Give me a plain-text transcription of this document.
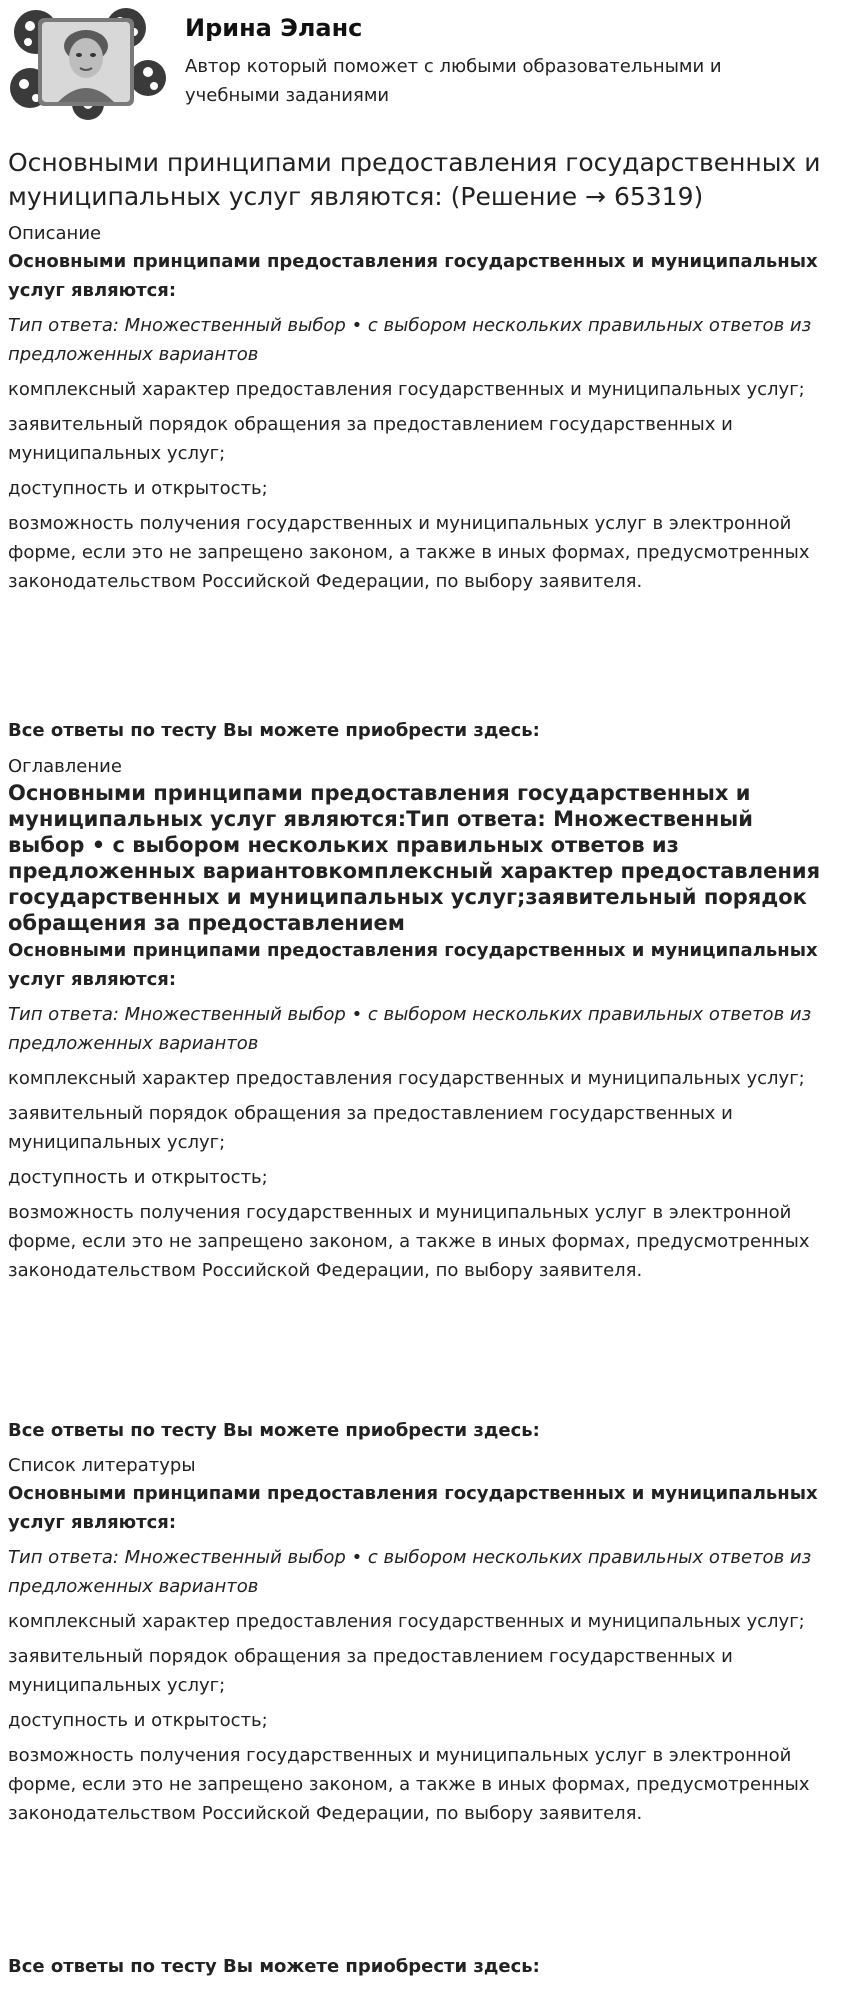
Ирина Эланс

Автор который поможет с любыми образовательными и учебными заданиями

Основными принципами предоставления государственных и муниципальных услуг являются: (Решение → 65319)

Описание

Основными принципами предоставления государственных и муниципальных услуг являются:

Тип ответа: Множественный выбор • с выбором нескольких правильных ответов из предложенных вариантов

комплексный характер предоставления государственных и муниципальных услуг;

заявительный порядок обращения за предоставлением государственных и муниципальных услуг;

доступность и открытость;

возможность получения государственных и муниципальных услуг в электронной форме, если это не запрещено законом, а также в иных формах, предусмотренных законодательством Российской Федерации, по выбору заявителя.

Все ответы по тесту Вы можете приобрести здесь:

Оглавление

Основными принципами предоставления государственных и муниципальных услуг являются:Тип ответа: Множественный выбор • с выбором нескольких правильных ответов из предложенных вариантовкомплексный характер предоставления государственных и муниципальных услуг;заявительный порядок обращения за предоставлением

Основными принципами предоставления государственных и муниципальных услуг являются:

Тип ответа: Множественный выбор • с выбором нескольких правильных ответов из предложенных вариантов

комплексный характер предоставления государственных и муниципальных услуг;

заявительный порядок обращения за предоставлением государственных и муниципальных услуг;

доступность и открытость;

возможность получения государственных и муниципальных услуг в электронной форме, если это не запрещено законом, а также в иных формах, предусмотренных законодательством Российской Федерации, по выбору заявителя.

Все ответы по тесту Вы можете приобрести здесь:

Список литературы

Основными принципами предоставления государственных и муниципальных услуг являются:

Тип ответа: Множественный выбор • с выбором нескольких правильных ответов из предложенных вариантов

комплексный характер предоставления государственных и муниципальных услуг;

заявительный порядок обращения за предоставлением государственных и муниципальных услуг;

доступность и открытость;

возможность получения государственных и муниципальных услуг в электронной форме, если это не запрещено законом, а также в иных формах, предусмотренных законодательством Российской Федерации, по выбору заявителя.

Все ответы по тесту Вы можете приобрести здесь:
